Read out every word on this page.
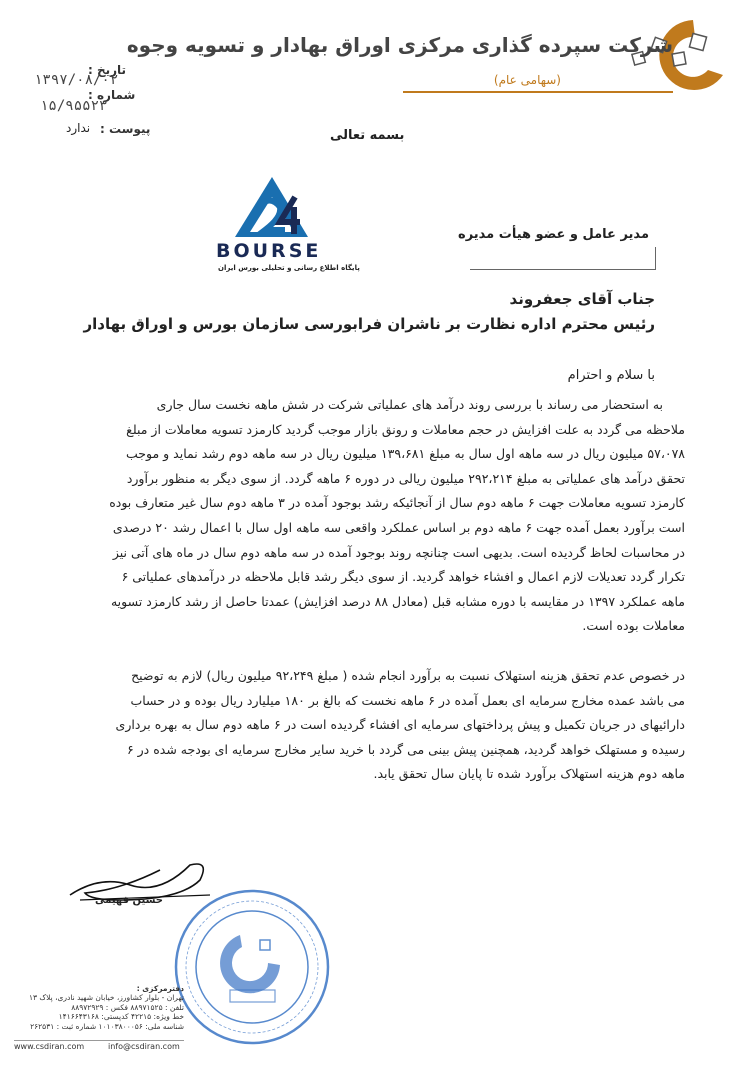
شرکت سپرده گذاری مرکزی اوراق بهادار و تسویه وجوه
(سهامی عام)
تاریخ :
۱۳۹۷/۰۸/۰۲
شماره :
۱۵/۹۵۵۲۳
پیوست :
ندارد	بسمه تعالی
BOURSE
پایگاه اطلاع رسانی و تحلیلی بورس ایران
مدیر عامل و عضو هیأت مدیره
جناب آقای جعفروند
رئیس محترم اداره نظارت بر ناشران فرابورسی سازمان بورس و اوراق بهادار
با سلام و احترام
به استحضار می رساند با بررسی روند درآمد های عملیاتی شرکت در شش ماهه نخست سال جاری
ملاحظه می گردد به علت افزایش در حجم معاملات و رونق بازار موجب گردید کارمزد تسویه معاملات از مبلغ
۵۷،۰۷۸ میلیون ریال در سه ماهه اول سال به مبلغ ۱۳۹،۶۸۱ میلیون ریال در سه ماهه دوم رشد نماید و موجب
تحقق درآمد های عملیاتی به مبلغ ۲۹۲،۲۱۴ میلیون ریالی در دوره ۶ ماهه گردد. از سوی دیگر به منظور برآورد
کارمزد تسویه معاملات جهت ۶ ماهه دوم سال از آنجائیکه رشد بوجود آمده در ۳ ماهه دوم سال غیر متعارف بوده
است برآورد بعمل آمده جهت ۶ ماهه دوم بر اساس عملکرد واقعی سه ماهه اول سال با اعمال رشد ۲۰ درصدی
در محاسبات لحاظ گردیده است. بدیهی است چنانچه روند بوجود آمده در سه ماهه دوم سال در ماه های آتی نیز
تکرار گردد تعدیلات لازم اعمال و افشاء خواهد گردید. از سوی دیگر رشد قابل ملاحظه در درآمدهای عملیاتی ۶
ماهه عملکرد ۱۳۹۷ در مقایسه با دوره مشابه قبل (معادل ۸۸ درصد افزایش) عمدتا حاصل از رشد کارمزد تسویه
معاملات بوده است.
در خصوص عدم تحقق هزینه استهلاک نسبت به برآورد انجام شده ( مبلغ ۹۲،۲۴۹ میلیون ریال) لازم به توضیح
می باشد عمده مخارج سرمایه ای بعمل آمده در ۶ ماهه نخست که بالغ بر ۱۸۰ میلیارد ریال بوده و در حساب
دارائیهای در جریان تکمیل و پیش پرداختهای سرمایه ای افشاء گردیده است در ۶ ماهه دوم سال به بهره برداری
رسیده و مستهلک خواهد گردید، همچنین پیش بینی می گردد با خرید سایر مخارج سرمایه ای بودجه شده در ۶
ماهه دوم هزینه استهلاک برآورد شده تا پایان سال تحقق یابد.
حسین فهیمی
دفترمرکزی :
تهران - بلوار کشاورز، خیابان شهید نادری، پلاک ۱۳
تلفن : ۸۸۹۷۱۵۲۵ فکس : ۸۸۹۷۲۹۲۹
خط ویژه: ۴۲۲۱۵ کدپستی: ۱۴۱۶۶۴۳۱۶۸
شناسه ملی: ۱۰۱۰۳۸۰۰۰۵۶ شماره ثبت : ۲۶۲۵۳۱
www.csdiran.com	info@csdiran.com
